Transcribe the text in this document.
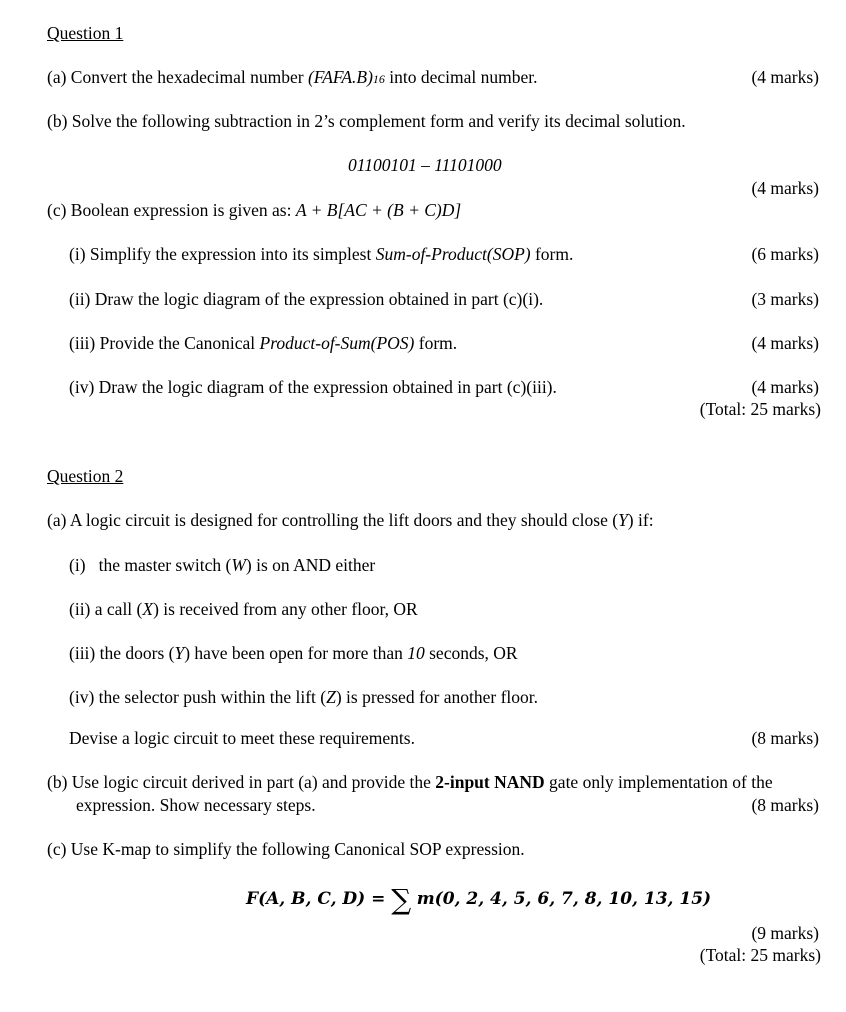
Question 1
(a) Convert the hexadecimal number (FAFA.B)16 into decimal number.	(4 marks)
(b) Solve the following subtraction in 2’s complement form and verify its decimal solution.
01100101 – 11101000
(4 marks)
(c) Boolean expression is given as: A + B[AC + (B + C)D]
(i) Simplify the expression into its simplest Sum-of-Product(SOP) form.	(6 marks)
(ii) Draw the logic diagram of the expression obtained in part (c)(i).	(3 marks)
(iii) Provide the Canonical Product-of-Sum(POS) form.	(4 marks)
(iv) Draw the logic diagram of the expression obtained in part (c)(iii).	(4 marks)
(Total: 25 marks)
Question 2
(a) A logic circuit is designed for controlling the lift doors and they should close (Y) if:
(i) the master switch (W) is on AND either
(ii) a call (X) is received from any other floor, OR
(iii) the doors (Y) have been open for more than 10 seconds, OR
(iv) the selector push within the lift (Z) is pressed for another floor.
Devise a logic circuit to meet these requirements.	(8 marks)
(b) Use logic circuit derived in part (a) and provide the 2-input NAND gate only implementation of the
expression. Show necessary steps.	(8 marks)
(c) Use K-map to simplify the following Canonical SOP expression.
F(A, B, C, D) = ∑ m(0, 2, 4, 5, 6, 7, 8, 10, 13, 15)
(9 marks)
(Total: 25 marks)
